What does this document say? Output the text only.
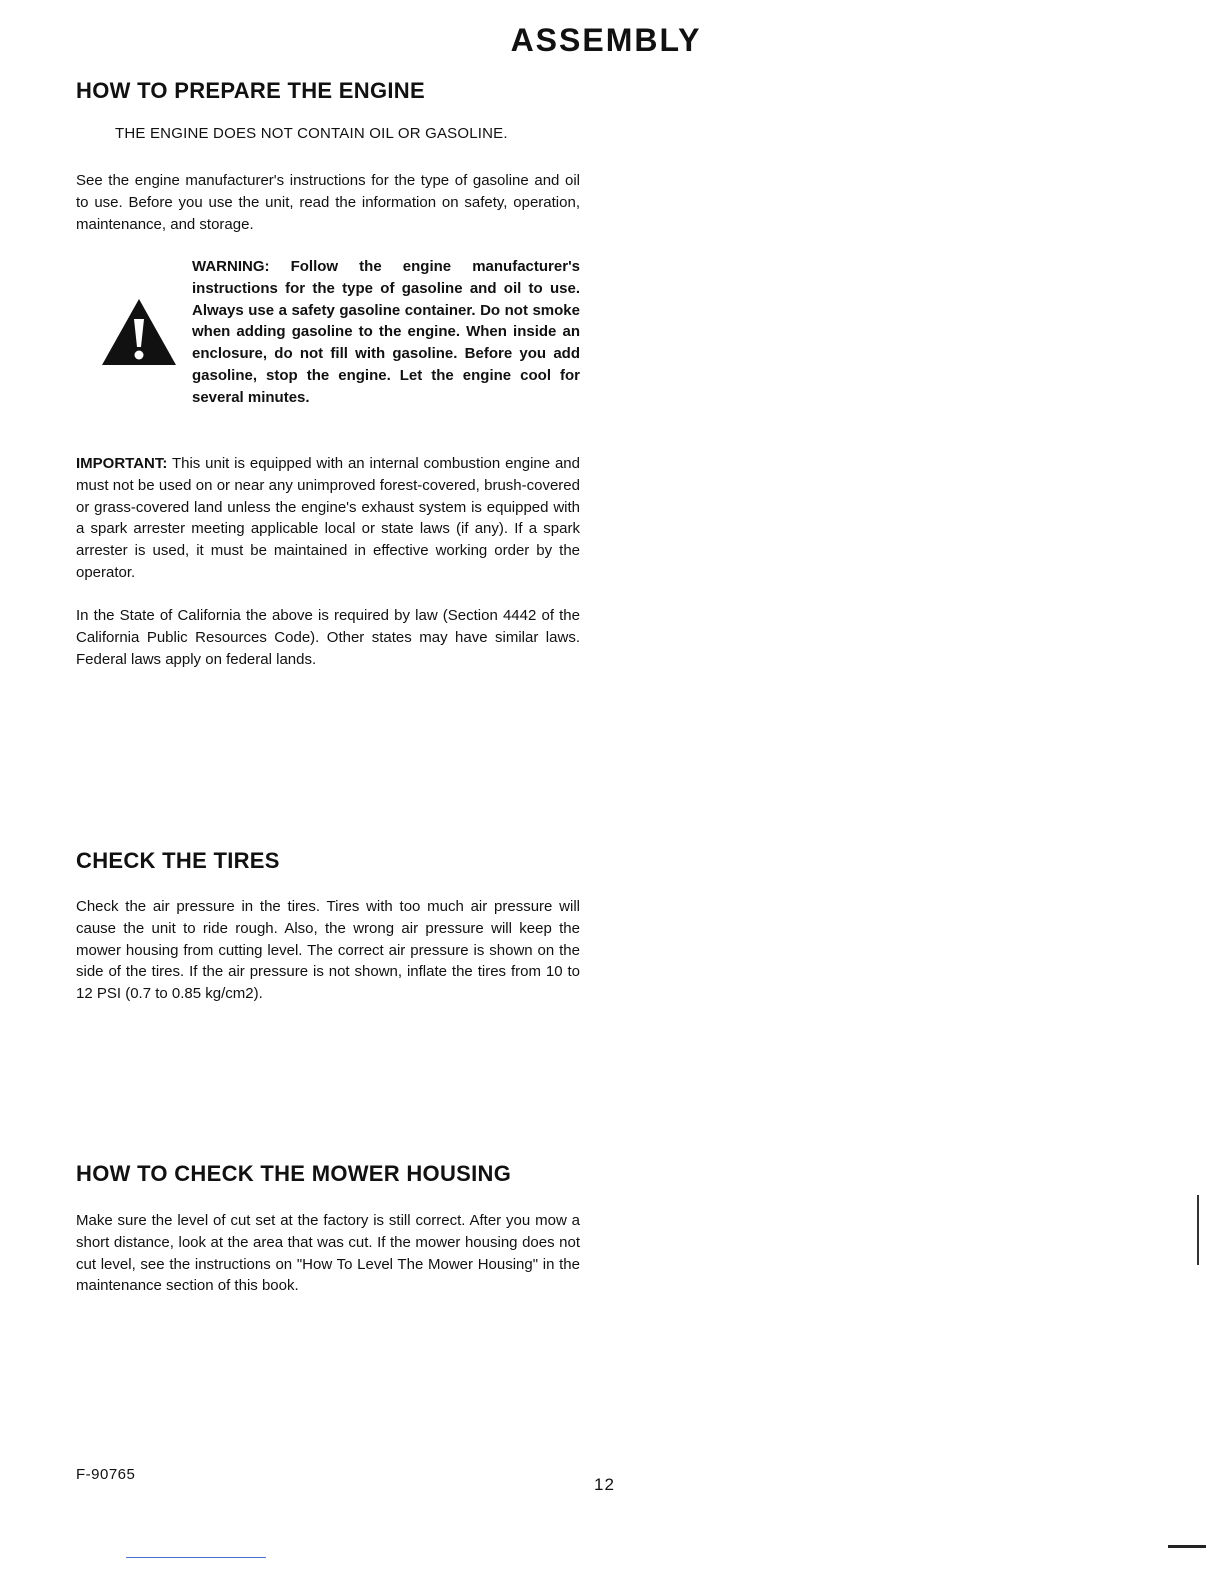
ASSEMBLY
HOW TO PREPARE THE ENGINE

THE ENGINE DOES NOT CONTAIN OIL OR GASOLINE.

See the engine manufacturer's instructions for the type of gasoline and oil to use. Before you use the unit, read the information on safety, operation, maintenance, and storage.

WARNING: Follow the engine manufacturer's instructions for the type of gasoline and oil to use. Always use a safety gasoline container. Do not smoke when adding gasoline to the engine. When inside an enclosure, do not fill with gasoline. Before you add gasoline, stop the engine. Let the engine cool for several minutes.

IMPORTANT: This unit is equipped with an internal combustion engine and must not be used on or near any unimproved forest-covered, brush-covered or grass-covered land unless the engine's exhaust system is equipped with a spark arrester meeting applicable local or state laws (if any). If a spark arrester is used, it must be maintained in effective working order by the operator.

In the State of California the above is required by law (Section 4442 of the California Public Resources Code). Other states may have similar laws. Federal laws apply on federal lands.

CHECK THE TIRES

Check the air pressure in the tires. Tires with too much air pressure will cause the unit to ride rough. Also, the wrong air pressure will keep the mower housing from cutting level. The correct air pressure is shown on the side of the tires. If the air pressure is not shown, inflate the tires from 10 to 12 PSI (0.7 to 0.85 kg/cm2).

HOW TO CHECK THE MOWER HOUSING

Make sure the level of cut set at the factory is still correct. After you mow a short distance, look at the area that was cut. If the mower housing does not cut level, see the instructions on "How To Level The Mower Housing" in the maintenance section of this book.

F-90765

12
